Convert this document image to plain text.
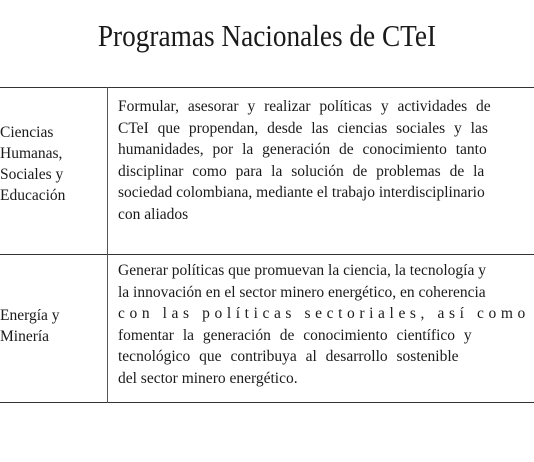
Programas Nacionales de CTeI
Ciencias
Humanas,
Sociales y
Educación
Formular, asesorar y realizar políticas y actividades de
CTeI que propendan, desde las ciencias sociales y las
humanidades, por la generación de conocimiento tanto
disciplinar como para la solución de problemas de la
sociedad colombiana, mediante el trabajo interdisciplinario
con aliados
Energía y
Minería
Generar políticas que promuevan la ciencia, la tecnología y
la innovación en el sector minero energético, en coherencia
con las políticas sectoriales, así como
fomentar la generación de conocimiento científico y
tecnológico que contribuya al desarrollo sostenible
del sector minero energético.
